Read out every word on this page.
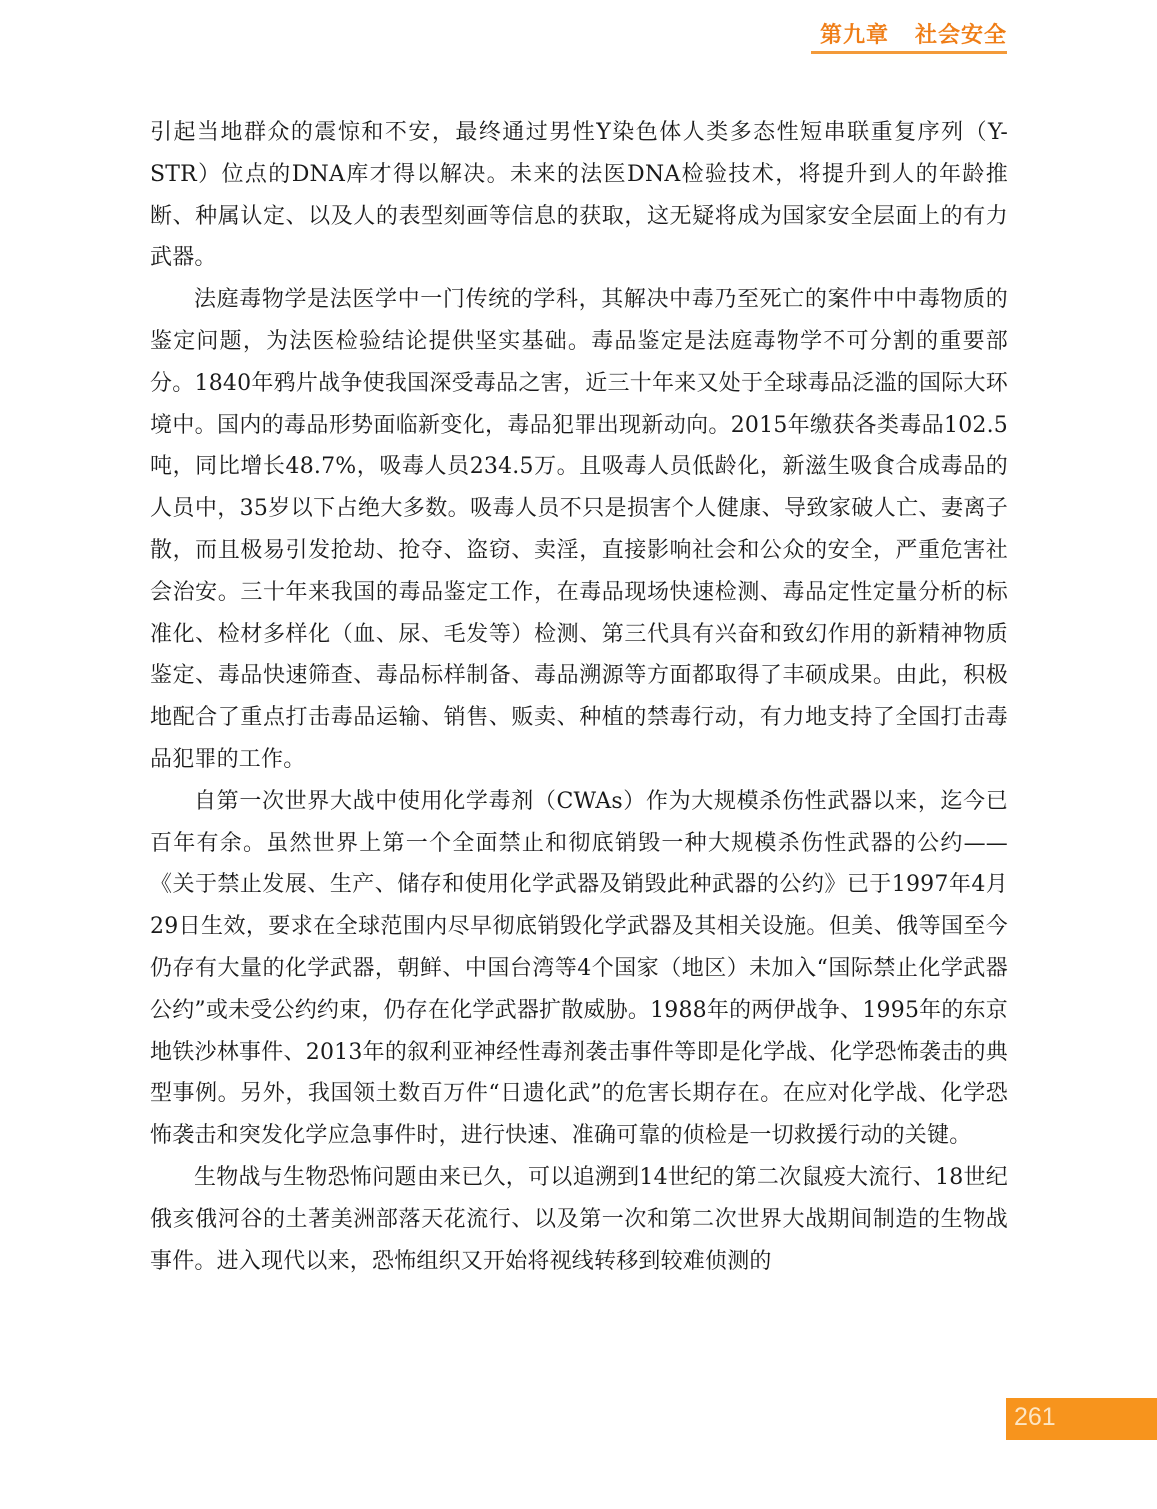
第九章   社会安全

引起当地群众的震惊和不安，最终通过男性Y染色体人类多态性短串联重复序列（Y-STR）位点的DNA库才得以解决。未来的法医DNA检验技术，将提升到人的年龄推断、种属认定、以及人的表型刻画等信息的获取，这无疑将成为国家安全层面上的有力武器。

法庭毒物学是法医学中一门传统的学科，其解决中毒乃至死亡的案件中中毒物质的鉴定问题，为法医检验结论提供坚实基础。毒品鉴定是法庭毒物学不可分割的重要部分。1840年鸦片战争使我国深受毒品之害，近三十年来又处于全球毒品泛滥的国际大环境中。国内的毒品形势面临新变化，毒品犯罪出现新动向。2015年缴获各类毒品102.5吨，同比增长48.7%，吸毒人员234.5万。且吸毒人员低龄化，新滋生吸食合成毒品的人员中，35岁以下占绝大多数。吸毒人员不只是损害个人健康、导致家破人亡、妻离子散，而且极易引发抢劫、抢夺、盗窃、卖淫，直接影响社会和公众的安全，严重危害社会治安。三十年来我国的毒品鉴定工作，在毒品现场快速检测、毒品定性定量分析的标准化、检材多样化（血、尿、毛发等）检测、第三代具有兴奋和致幻作用的新精神物质鉴定、毒品快速筛查、毒品标样制备、毒品溯源等方面都取得了丰硕成果。由此，积极地配合了重点打击毒品运输、销售、贩卖、种植的禁毒行动，有力地支持了全国打击毒品犯罪的工作。

自第一次世界大战中使用化学毒剂（CWAs）作为大规模杀伤性武器以来，迄今已百年有余。虽然世界上第一个全面禁止和彻底销毁一种大规模杀伤性武器的公约——《关于禁止发展、生产、储存和使用化学武器及销毁此种武器的公约》已于1997年4月29日生效，要求在全球范围内尽早彻底销毁化学武器及其相关设施。但美、俄等国至今仍存有大量的化学武器，朝鲜、中国台湾等4个国家（地区）未加入“国际禁止化学武器公约”或未受公约约束，仍存在化学武器扩散威胁。1988年的两伊战争、1995年的东京地铁沙林事件、2013年的叙利亚神经性毒剂袭击事件等即是化学战、化学恐怖袭击的典型事例。另外，我国领土数百万件“日遗化武”的危害长期存在。在应对化学战、化学恐怖袭击和突发化学应急事件时，进行快速、准确可靠的侦检是一切救援行动的关键。

生物战与生物恐怖问题由来已久，可以追溯到14世纪的第二次鼠疫大流行、18世纪俄亥俄河谷的土著美洲部落天花流行、以及第一次和第二次世界大战期间制造的生物战事件。进入现代以来，恐怖组织又开始将视线转移到较难侦测的

261
